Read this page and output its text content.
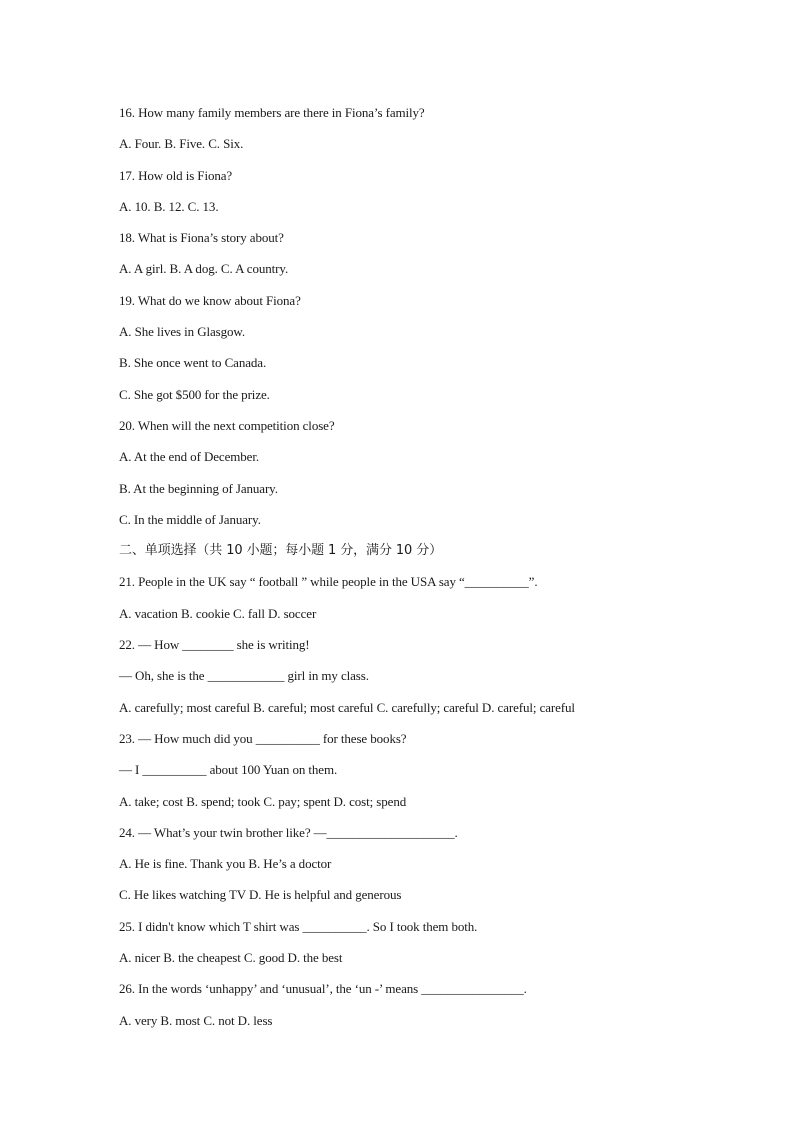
16. How many family members are there in Fiona’s family?
A. Four. B. Five. C. Six.
17. How old is Fiona?
A. 10. B. 12. C. 13.
18. What is Fiona’s story about?
A. A girl. B. A dog. C. A country.
19. What do we know about Fiona?
A. She lives in Glasgow.
B. She once went to Canada.
C. She got $500 for the prize.
20. When will the next competition close?
A. At the end of December.
B. At the beginning of January.
C. In the middle of January.
二、单项选择（共 10 小题；每小题 1 分，满分 10 分）
21. People in the UK say “ football ” while people in the USA say “__________”.
A. vacation B. cookie C. fall D. soccer
22. — How ________ she is writing!
— Oh, she is the ____________ girl in my class.
A. carefully; most careful B. careful; most careful C. carefully; careful D. careful; careful
23. — How much did you __________ for these books?
— I __________ about 100 Yuan on them.
A. take; cost B. spend; took C. pay; spent D. cost; spend
24. — What’s your twin brother like? —____________________.
A. He is fine. Thank you B. He’s a doctor
C. He likes watching TV D. He is helpful and generous
25. I didn't know which T shirt was __________. So I took them both.
A. nicer B. the cheapest C. good D. the best
26. In the words ‘unhappy’ and ‘unusual’, the ‘un -’ means ________________.
A. very B. most C. not D. less
